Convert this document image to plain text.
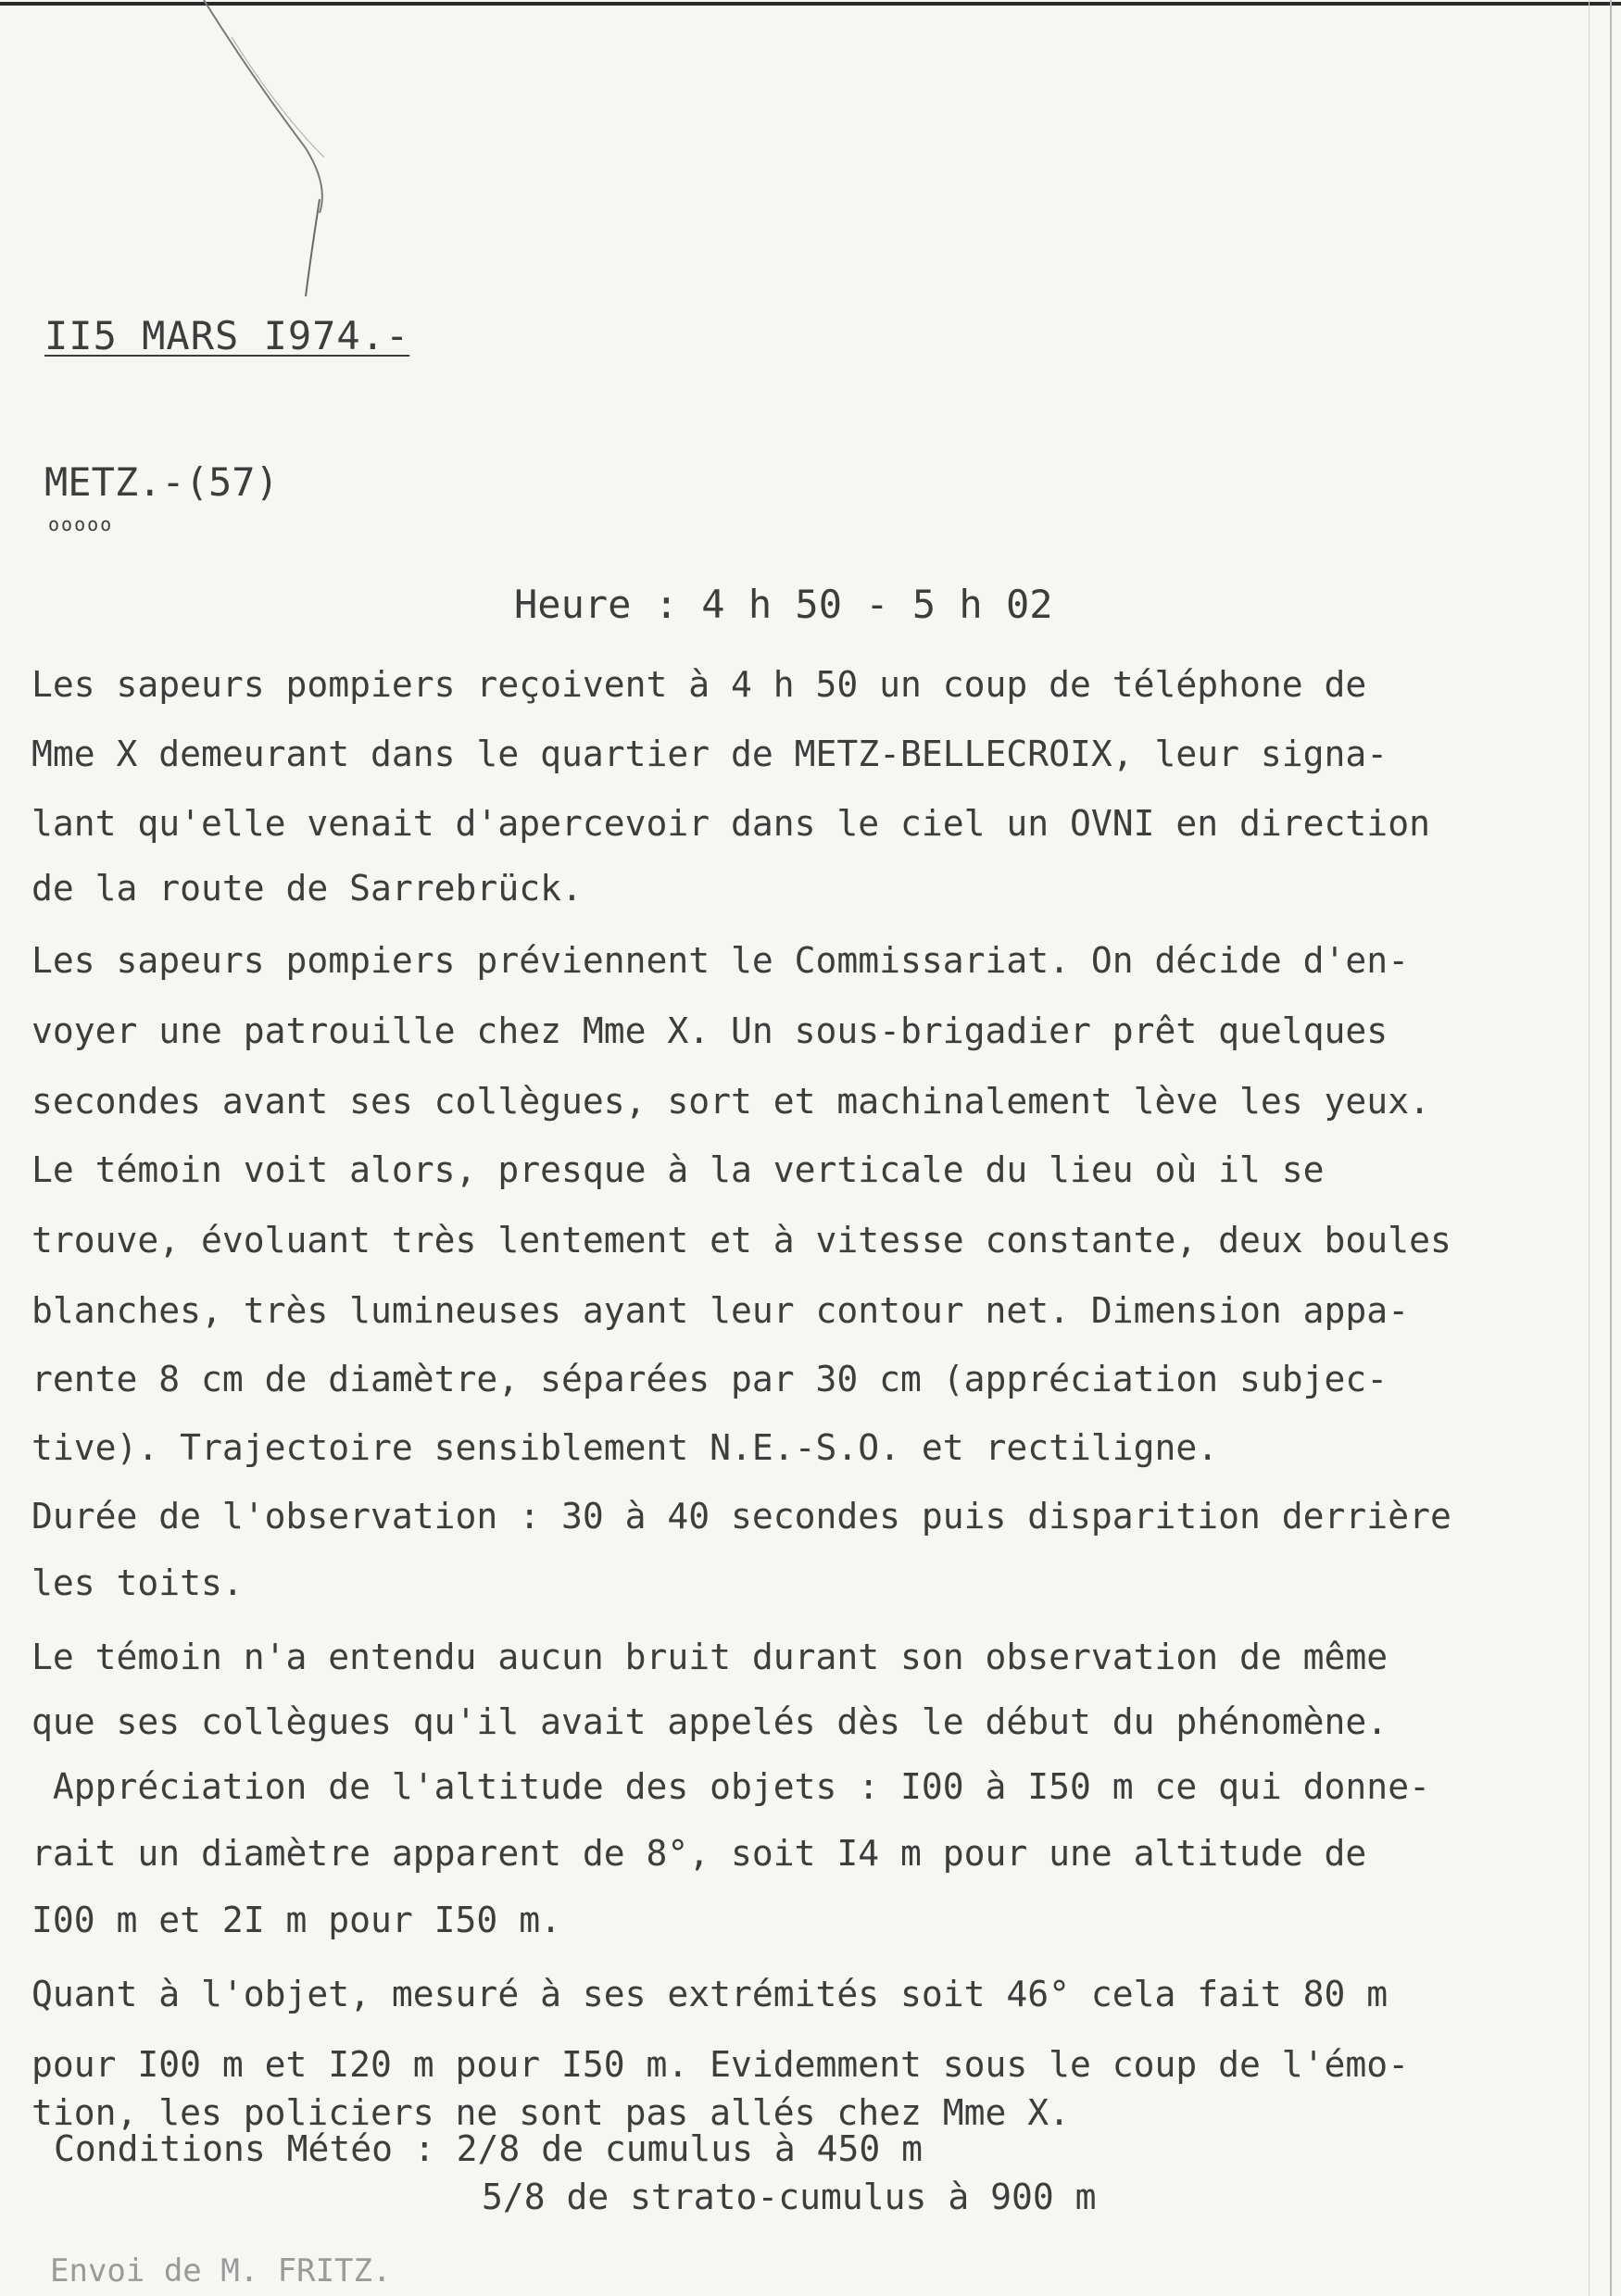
II5 MARS I974.-
METZ.-(57)
ooooo
Heure : 4 h 50 - 5 h 02
Les sapeurs pompiers reçoivent à 4 h 50 un coup de téléphone de
Mme X demeurant dans le quartier de METZ-BELLECROIX, leur signa-
lant qu'elle venait d'apercevoir dans le ciel un OVNI en direction
de la route de Sarrebrück.
Les sapeurs pompiers préviennent le Commissariat. On décide d'en-
voyer une patrouille chez Mme X. Un sous-brigadier prêt quelques
secondes avant ses collègues, sort et machinalement lève les yeux.
Le témoin voit alors, presque à la verticale du lieu où il se
trouve, évoluant très lentement et à vitesse constante, deux boules
blanches, très lumineuses ayant leur contour net. Dimension appa-
rente 8 cm de diamètre, séparées par 30 cm (appréciation subjec-
tive). Trajectoire sensiblement N.E.-S.O. et rectiligne.
Durée de l'observation : 30 à 40 secondes puis disparition derrière
les toits.
Le témoin n'a entendu aucun bruit durant son observation de même
que ses collègues qu'il avait appelés dès le début du phénomène.
Appréciation de l'altitude des objets : I00 à I50 m ce qui donne-
rait un diamètre apparent de 8°, soit I4 m pour une altitude de
I00 m et 2I m pour I50 m.
Quant à l'objet, mesuré à ses extrémités soit 46° cela fait 80 m
pour I00 m et I20 m pour I50 m. Evidemment sous le coup de l'émo-
tion, les policiers ne sont pas allés chez Mme X.
Conditions Météo : 2/8 de cumulus à 450 m
5/8 de strato-cumulus à 900 m
Envoi de M. FRITZ.
